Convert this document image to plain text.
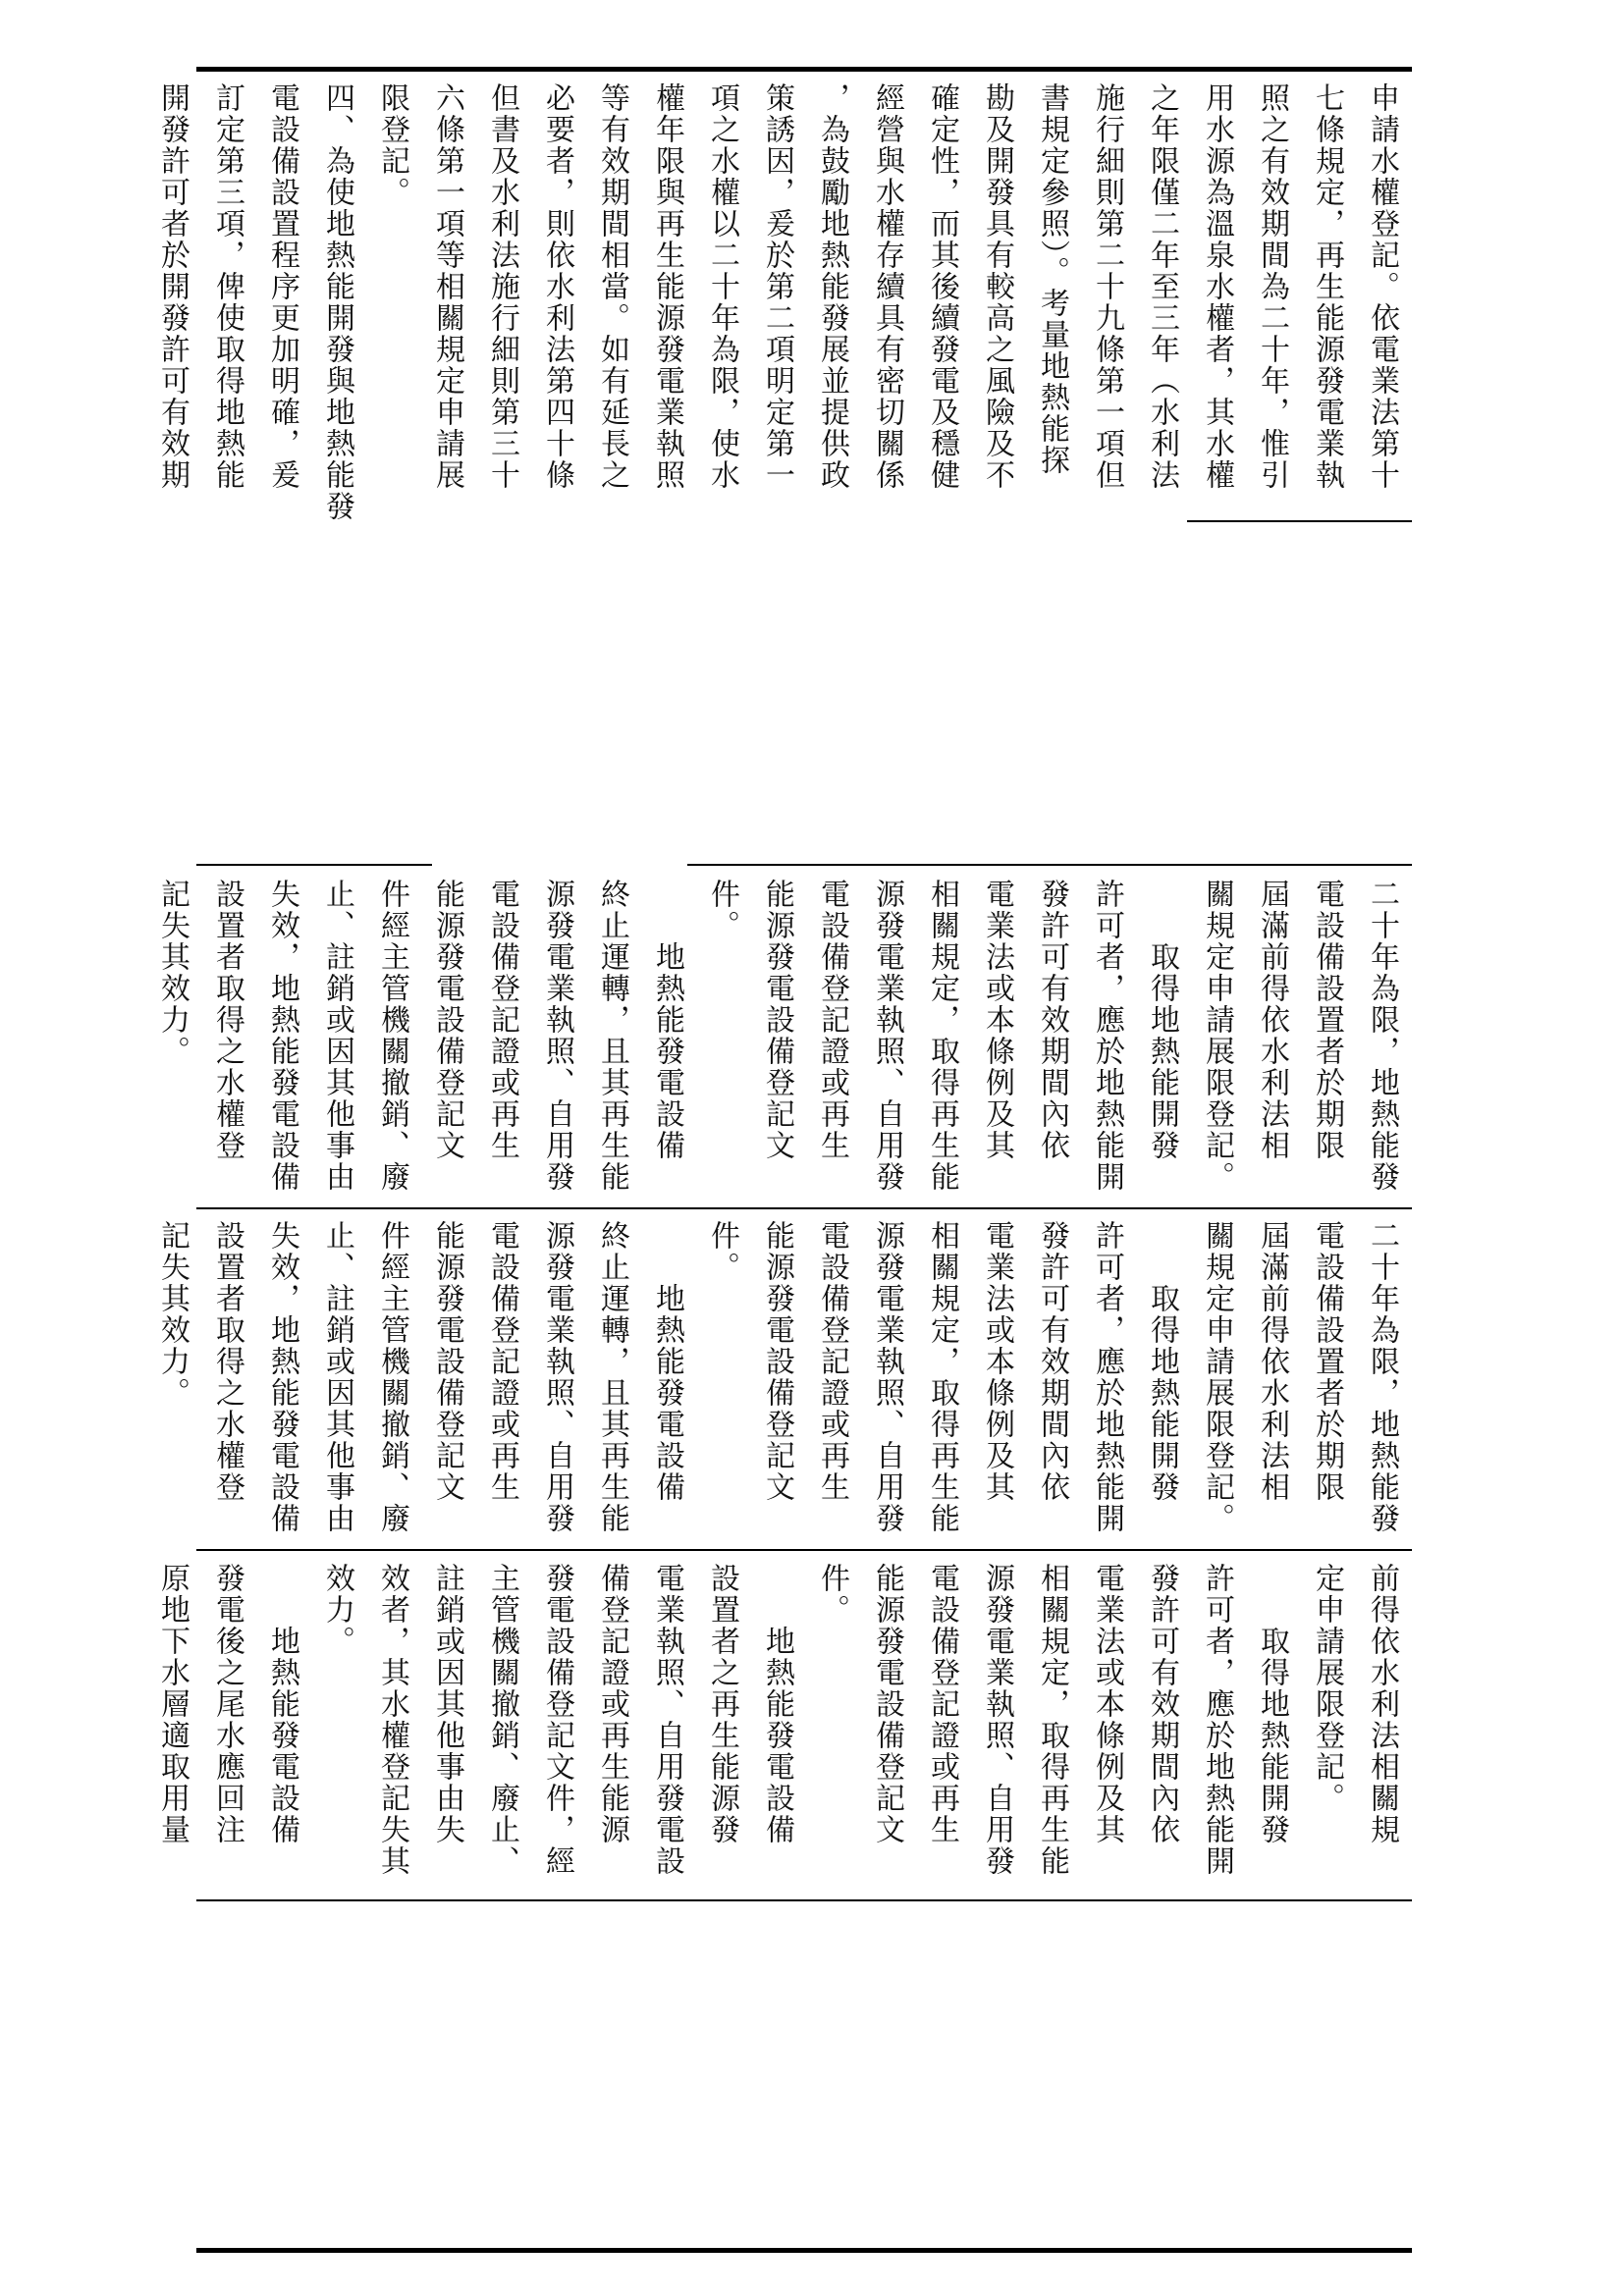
申請水權登記。依電業法第十

七條規定，再生能源發電業執

照之有效期間為二十年，惟引

用水源為溫泉水權者，其水權

之年限僅二年至三年（水利法

施行細則第二十九條第一項但

書規定參照）。考量地熱能探

勘及開發具有較高之風險及不

確定性，而其後續發電及穩健

經營與水權存續具有密切關係

，為鼓勵地熱能發展並提供政

策誘因，爰於第二項明定第一

項之水權以二十年為限，使水

權年限與再生能源發電業執照

等有效期間相當。如有延長之

必要者，則依水利法第四十條

但書及水利法施行細則第三十

六條第一項等相關規定申請展

限登記。

四、為使地熱能開發與地熱能發

電設備設置程序更加明確，爰

訂定第三項，俾使取得地熱能

開發許可者於開發許可有效期

二十年為限，地熱能發

電設備設置者於期限

屆滿前得依水利法相

關規定申請展限登記。

　　取得地熱能開發

許可者，應於地熱能開

發許可有效期間內依

電業法或本條例及其

相關規定，取得再生能

源發電業執照、自用發

電設備登記證或再生

能源發電設備登記文

件。

　　地熱能發電設備

終止運轉，且其再生能

源發電業執照、自用發

電設備登記證或再生

能源發電設備登記文

件經主管機關撤銷、廢

止、註銷或因其他事由

失效，地熱能發電設備

設置者取得之水權登

記失其效力。

二十年為限，地熱能發

電設備設置者於期限

屆滿前得依水利法相

關規定申請展限登記。

　　取得地熱能開發

許可者，應於地熱能開

發許可有效期間內依

電業法或本條例及其

相關規定，取得再生能

源發電業執照、自用發

電設備登記證或再生

能源發電設備登記文

件。

　　地熱能發電設備

終止運轉，且其再生能

源發電業執照、自用發

電設備登記證或再生

能源發電設備登記文

件經主管機關撤銷、廢

止、註銷或因其他事由

失效，地熱能發電設備

設置者取得之水權登

記失其效力。

前得依水利法相關規

定申請展限登記。

　　取得地熱能開發

許可者，應於地熱能開

發許可有效期間內依

電業法或本條例及其

相關規定，取得再生能

源發電業執照、自用發

電設備登記證或再生

能源發電設備登記文

件。

　　地熱能發電設備

設置者之再生能源發

電業執照、自用發電設

備登記證或再生能源

發電設備登記文件，經

主管機關撤銷、廢止、

註銷或因其他事由失

效者，其水權登記失其

效力。

　　地熱能發電設備

發電後之尾水應回注

原地下水層適取用量
